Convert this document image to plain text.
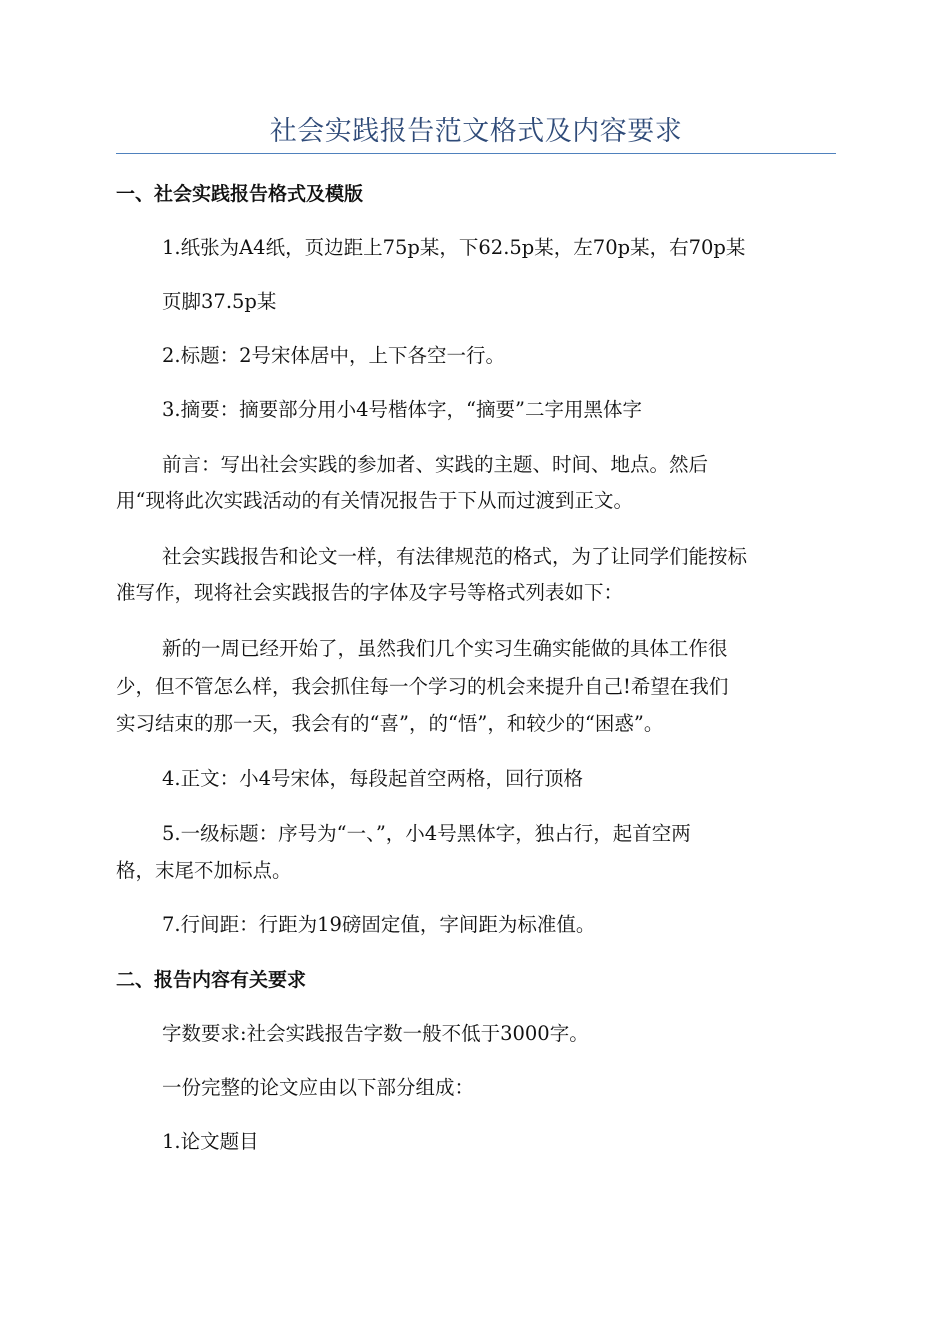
社会实践报告范文格式及内容要求
一、社会实践报告格式及模版
1.纸张为A4纸，页边距上75p某，下62.5p某，左70p某，右70p某
页脚37.5p某
2.标题：2号宋体居中，上下各空一行。
3.摘要：摘要部分用小4号楷体字，“摘要”二字用黑体字
前言：写出社会实践的参加者、实践的主题、时间、地点。然后
用“现将此次实践活动的有关情况报告于下从而过渡到正文。
社会实践报告和论文一样，有法律规范的格式，为了让同学们能按标
准写作，现将社会实践报告的字体及字号等格式列表如下：
新的一周已经开始了，虽然我们几个实习生确实能做的具体工作很
少，但不管怎么样，我会抓住每一个学习的机会来提升自己!希望在我们
实习结束的那一天，我会有的“喜”，的“悟”，和较少的“困惑”。
4.正文：小4号宋体，每段起首空两格，回行顶格
5.一级标题：序号为“一、”，小4号黑体字，独占行，起首空两
格，末尾不加标点。
7.行间距：行距为19磅固定值，字间距为标准值。
二、报告内容有关要求
字数要求:社会实践报告字数一般不低于3000字。
一份完整的论文应由以下部分组成：
1.论文题目
